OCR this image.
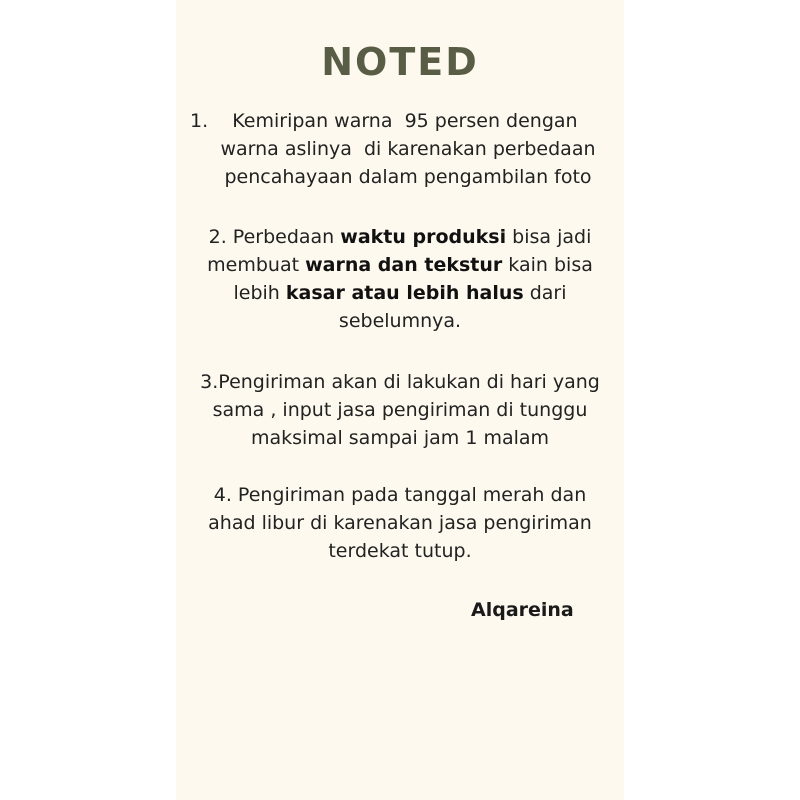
NOTED
1.    Kemiripan warna  95 persen dengan
warna aslinya  di karenakan perbedaan
pencahayaan dalam pengambilan foto
2. Perbedaan waktu produksi bisa jadi
membuat warna dan tekstur kain bisa
lebih kasar atau lebih halus dari
sebelumnya.
3.Pengiriman akan di lakukan di hari yang
sama , input jasa pengiriman di tunggu
maksimal sampai jam 1 malam
4. Pengiriman pada tanggal merah dan
ahad libur di karenakan jasa pengiriman
terdekat tutup.
Alqareina
